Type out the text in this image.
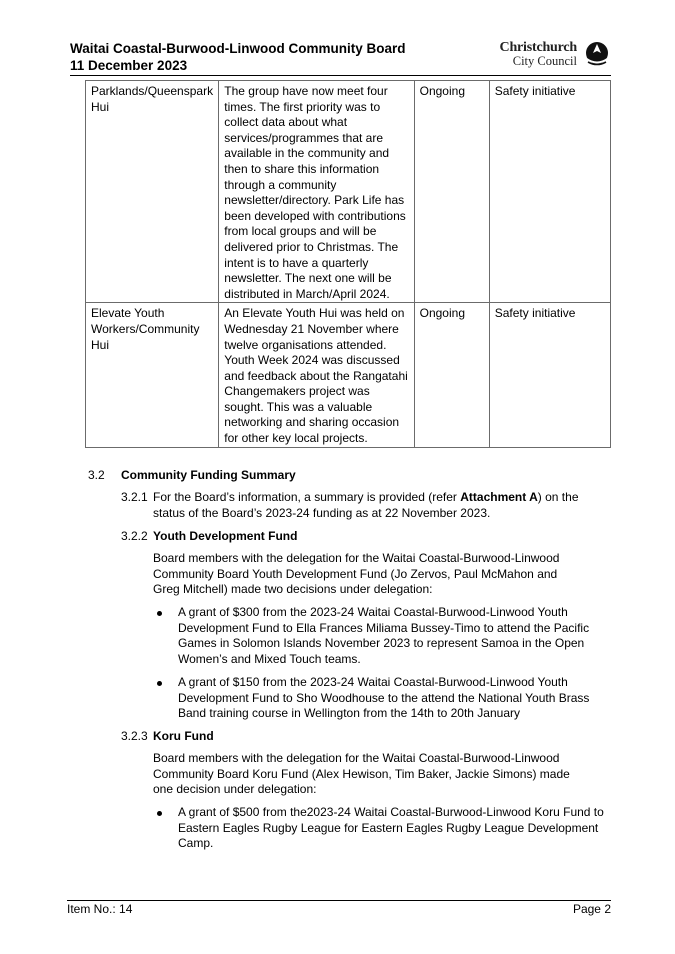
Waitai Coastal-Burwood-Linwood Community Board
11 December 2023
Christchurch
City Council
Parklands/Queenspark Hui	The group have now meet four times. The first priority was to collect data about what services/programmes that are available in the community and then to share this information through a community newsletter/directory. Park Life has been developed with contributions from local groups and will be delivered prior to Christmas. The intent is to have a quarterly newsletter. The next one will be distributed in March/April 2024.	Ongoing	Safety initiative
Elevate Youth Workers/Community Hui	An Elevate Youth Hui was held on Wednesday 21 November where twelve organisations attended. Youth Week 2024 was discussed and feedback about the Rangatahi Changemakers project was sought. This was a valuable networking and sharing occasion for other key local projects.	Ongoing	Safety initiative
3.2 Community Funding Summary
3.2.1 For the Board’s information, a summary is provided (refer Attachment A) on the status of the Board’s 2023-24 funding as at 22 November 2023.
3.2.2 Youth Development Fund
Board members with the delegation for the Waitai Coastal-Burwood-Linwood Community Board Youth Development Fund (Jo Zervos, Paul McMahon and Greg Mitchell) made two decisions under delegation:
A grant of $300 from the 2023-24 Waitai Coastal-Burwood-Linwood Youth Development Fund to Ella Frances Miliama Bussey-Timo to attend the Pacific Games in Solomon Islands November 2023 to represent Samoa in the Open Women’s and Mixed Touch teams.
A grant of $150 from the 2023-24 Waitai Coastal-Burwood-Linwood Youth Development Fund to Sho Woodhouse to the attend the National Youth Brass Band training course in Wellington from the 14th to 20th January
3.2.3 Koru Fund
Board members with the delegation for the Waitai Coastal-Burwood-Linwood Community Board Koru Fund (Alex Hewison, Tim Baker, Jackie Simons) made one decision under delegation:
A grant of $500 from the2023-24 Waitai Coastal-Burwood-Linwood Koru Fund to Eastern Eagles Rugby League for Eastern Eagles Rugby League Development Camp.
Item No.: 14	Page 2
